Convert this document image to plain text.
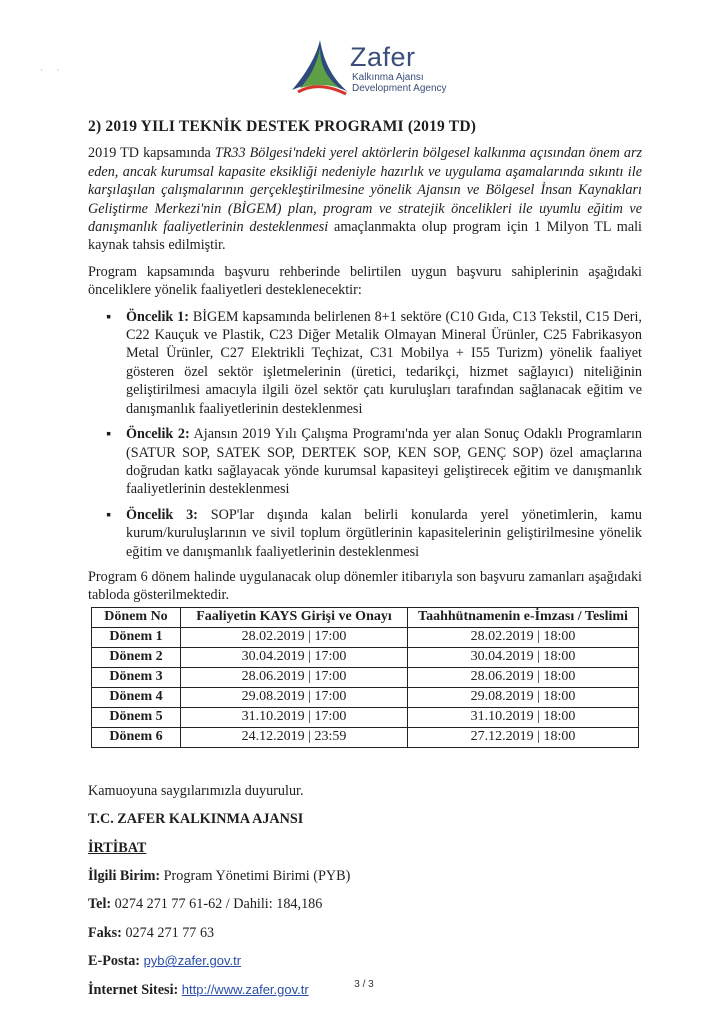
Zafer
Kalkınma Ajansı
Development Agency
·       ·
2) 2019 YILI TEKNİK DESTEK PROGRAMI (2019 TD)

2019 TD kapsamında TR33 Bölgesi'ndeki yerel aktörlerin bölgesel kalkınma açısından önem arz eden, ancak kurumsal kapasite eksikliği nedeniyle hazırlık ve uygulama aşamalarında sıkıntı ile karşılaşılan çalışmalarının gerçekleştirilmesine yönelik Ajansın ve Bölgesel İnsan Kaynakları Geliştirme Merkezi'nin (BİGEM) plan, program ve stratejik öncelikleri ile uyumlu eğitim ve danışmanlık faaliyetlerinin desteklenmesi amaçlanmakta olup program için 1 Milyon TL mali kaynak tahsis edilmiştir.

Program kapsamında başvuru rehberinde belirtilen uygun başvuru sahiplerinin aşağıdaki önceliklere yönelik faaliyetleri desteklenecektir:

▪ Öncelik 1: BİGEM kapsamında belirlenen 8+1 sektöre (C10 Gıda, C13 Tekstil, C15 Deri, C22 Kauçuk ve Plastik, C23 Diğer Metalik Olmayan Mineral Ürünler, C25 Fabrikasyon Metal Ürünler, C27 Elektrikli Teçhizat, C31 Mobilya + I55 Turizm) yönelik faaliyet gösteren özel sektör işletmelerinin (üretici, tedarikçi, hizmet sağlayıcı) niteliğinin geliştirilmesi amacıyla ilgili özel sektör çatı kuruluşları tarafından sağlanacak eğitim ve danışmanlık faaliyetlerinin desteklenmesi
▪ Öncelik 2: Ajansın 2019 Yılı Çalışma Programı'nda yer alan Sonuç Odaklı Programların (SATUR SOP, SATEK SOP, DERTEK SOP, KEN SOP, GENÇ SOP) özel amaçlarına doğrudan katkı sağlayacak yönde kurumsal kapasiteyi geliştirecek eğitim ve danışmanlık faaliyetlerinin desteklenmesi
▪ Öncelik 3: SOP'lar dışında kalan belirli konularda yerel yönetimlerin, kamu kurum/kuruluşlarının ve sivil toplum örgütlerinin kapasitelerinin geliştirilmesine yönelik eğitim ve danışmanlık faaliyetlerinin desteklenmesi

Program 6 dönem halinde uygulanacak olup dönemler itibarıyla son başvuru zamanları aşağıdaki tabloda gösterilmektedir.

Dönem No	Faaliyetin KAYS Girişi ve Onayı	Taahhütnamenin e-İmzası / Teslimi
Dönem 1	28.02.2019 | 17:00	28.02.2019 | 18:00
Dönem 2	30.04.2019 | 17:00	30.04.2019 | 18:00
Dönem 3	28.06.2019 | 17:00	28.06.2019 | 18:00
Dönem 4	29.08.2019 | 17:00	29.08.2019 | 18:00
Dönem 5	31.10.2019 | 17:00	31.10.2019 | 18:00
Dönem 6	24.12.2019 | 23:59	27.12.2019 | 18:00
Kamuoyuna saygılarımızla duyurulur.
T.C. ZAFER KALKINMA AJANSI
İRTİBAT
İlgili Birim: Program Yönetimi Birimi (PYB)
Tel: 0274 271 77 61-62 / Dahili: 184,186
Faks: 0274 271 77 63
E-Posta: pyb@zafer.gov.tr
İnternet Sitesi: http://www.zafer.gov.tr	3 / 3
